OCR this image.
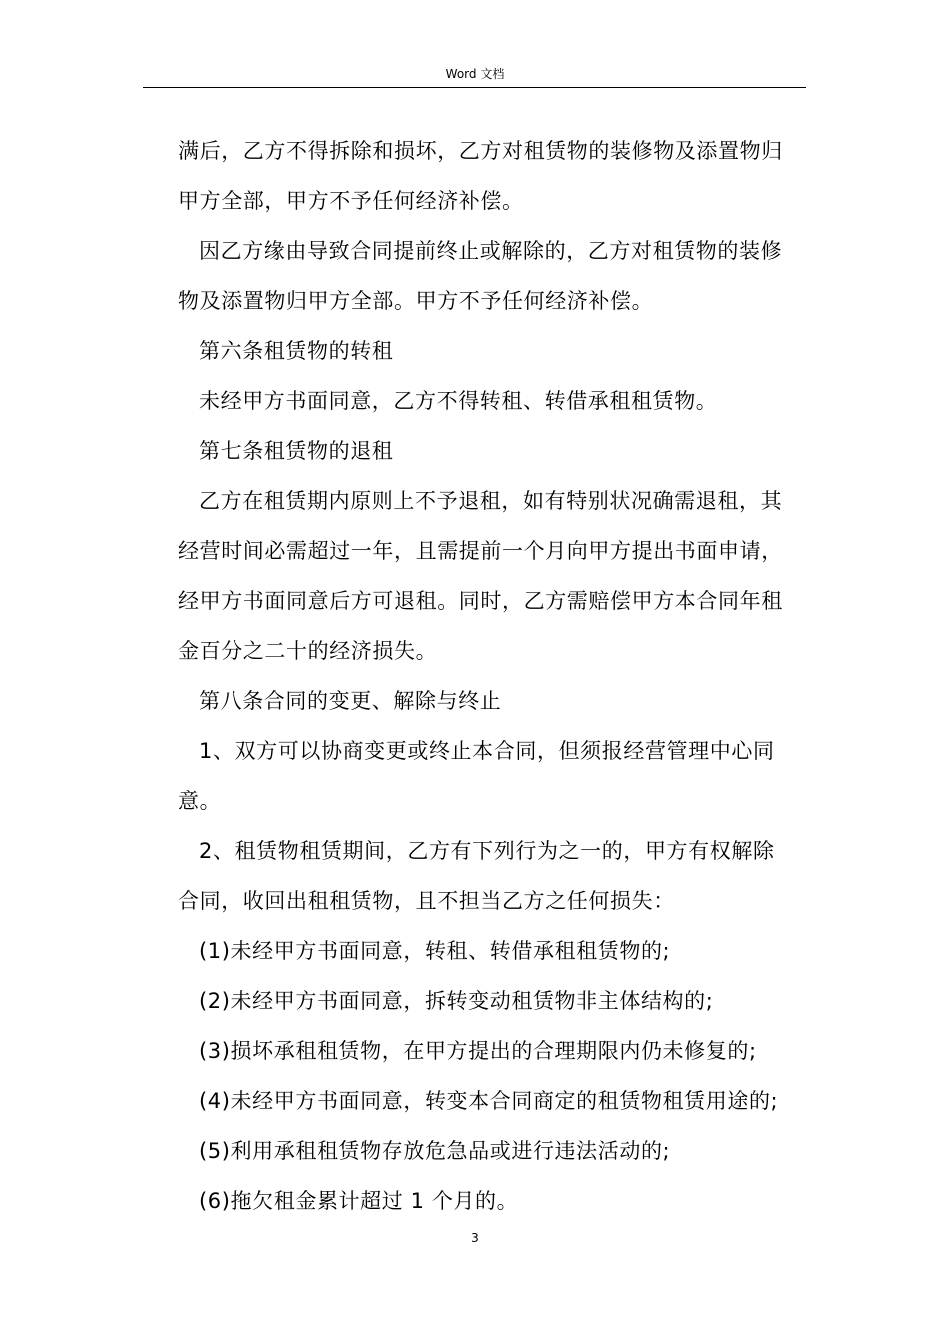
Word 文档
满后，乙方不得拆除和损坏，乙方对租赁物的装修物及添置物归
甲方全部，甲方不予任何经济补偿。
因乙方缘由导致合同提前终止或解除的，乙方对租赁物的装修
物及添置物归甲方全部。甲方不予任何经济补偿。
第六条租赁物的转租
未经甲方书面同意，乙方不得转租、转借承租租赁物。
第七条租赁物的退租
乙方在租赁期内原则上不予退租，如有特别状况确需退租，其
经营时间必需超过一年，且需提前一个月向甲方提出书面申请，
经甲方书面同意后方可退租。同时，乙方需赔偿甲方本合同年租
金百分之二十的经济损失。
第八条合同的变更、解除与终止
1、双方可以协商变更或终止本合同，但须报经营管理中心同
意。
2、租赁物租赁期间，乙方有下列行为之一的，甲方有权解除
合同，收回出租租赁物，且不担当乙方之任何损失：
(1)未经甲方书面同意，转租、转借承租租赁物的;
(2)未经甲方书面同意，拆转变动租赁物非主体结构的;
(3)损坏承租租赁物，在甲方提出的合理期限内仍未修复的;
(4)未经甲方书面同意，转变本合同商定的租赁物租赁用途的;
(5)利用承租租赁物存放危急品或进行违法活动的;
(6)拖欠租金累计超过 1 个月的。
3
